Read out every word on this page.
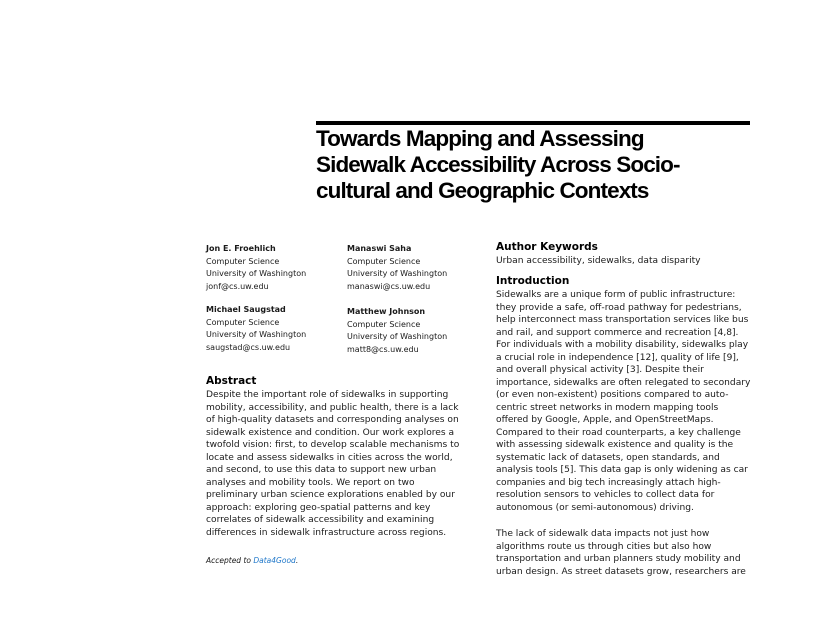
Towards Mapping and Assessing
Sidewalk Accessibility Across Socio-
cultural and Geographic Contexts
Jon E. Froehlich
Computer Science
University of Washington
jonf@cs.uw.edu
Michael Saugstad
Computer Science
University of Washington
saugstad@cs.uw.edu
Manaswi Saha
Computer Science
University of Washington
manaswi@cs.uw.edu
Matthew Johnson
Computer Science
University of Washington
matt8@cs.uw.edu
Abstract
Despite the important role of sidewalks in supporting
mobility, accessibility, and public health, there is a lack
of high-quality datasets and corresponding analyses on
sidewalk existence and condition. Our work explores a
twofold vision: first, to develop scalable mechanisms to
locate and assess sidewalks in cities across the world,
and second, to use this data to support new urban
analyses and mobility tools. We report on two
preliminary urban science explorations enabled by our
approach: exploring geo-spatial patterns and key
correlates of sidewalk accessibility and examining
differences in sidewalk infrastructure across regions.

Accepted to Data4Good.

Author Keywords
Urban accessibility, sidewalks, data disparity
Introduction
Sidewalks are a unique form of public infrastructure:
they provide a safe, off-road pathway for pedestrians,
help interconnect mass transportation services like bus
and rail, and support commerce and recreation [4,8].
For individuals with a mobility disability, sidewalks play
a crucial role in independence [12], quality of life [9],
and overall physical activity [3]. Despite their
importance, sidewalks are often relegated to secondary
(or even non-existent) positions compared to auto-
centric street networks in modern mapping tools
offered by Google, Apple, and OpenStreetMaps.
Compared to their road counterparts, a key challenge
with assessing sidewalk existence and quality is the
systematic lack of datasets, open standards, and
analysis tools [5]. This data gap is only widening as car
companies and big tech increasingly attach high-
resolution sensors to vehicles to collect data for
autonomous (or semi-autonomous) driving.
The lack of sidewalk data impacts not just how
algorithms route us through cities but also how
transportation and urban planners study mobility and
urban design. As street datasets grow, researchers are
